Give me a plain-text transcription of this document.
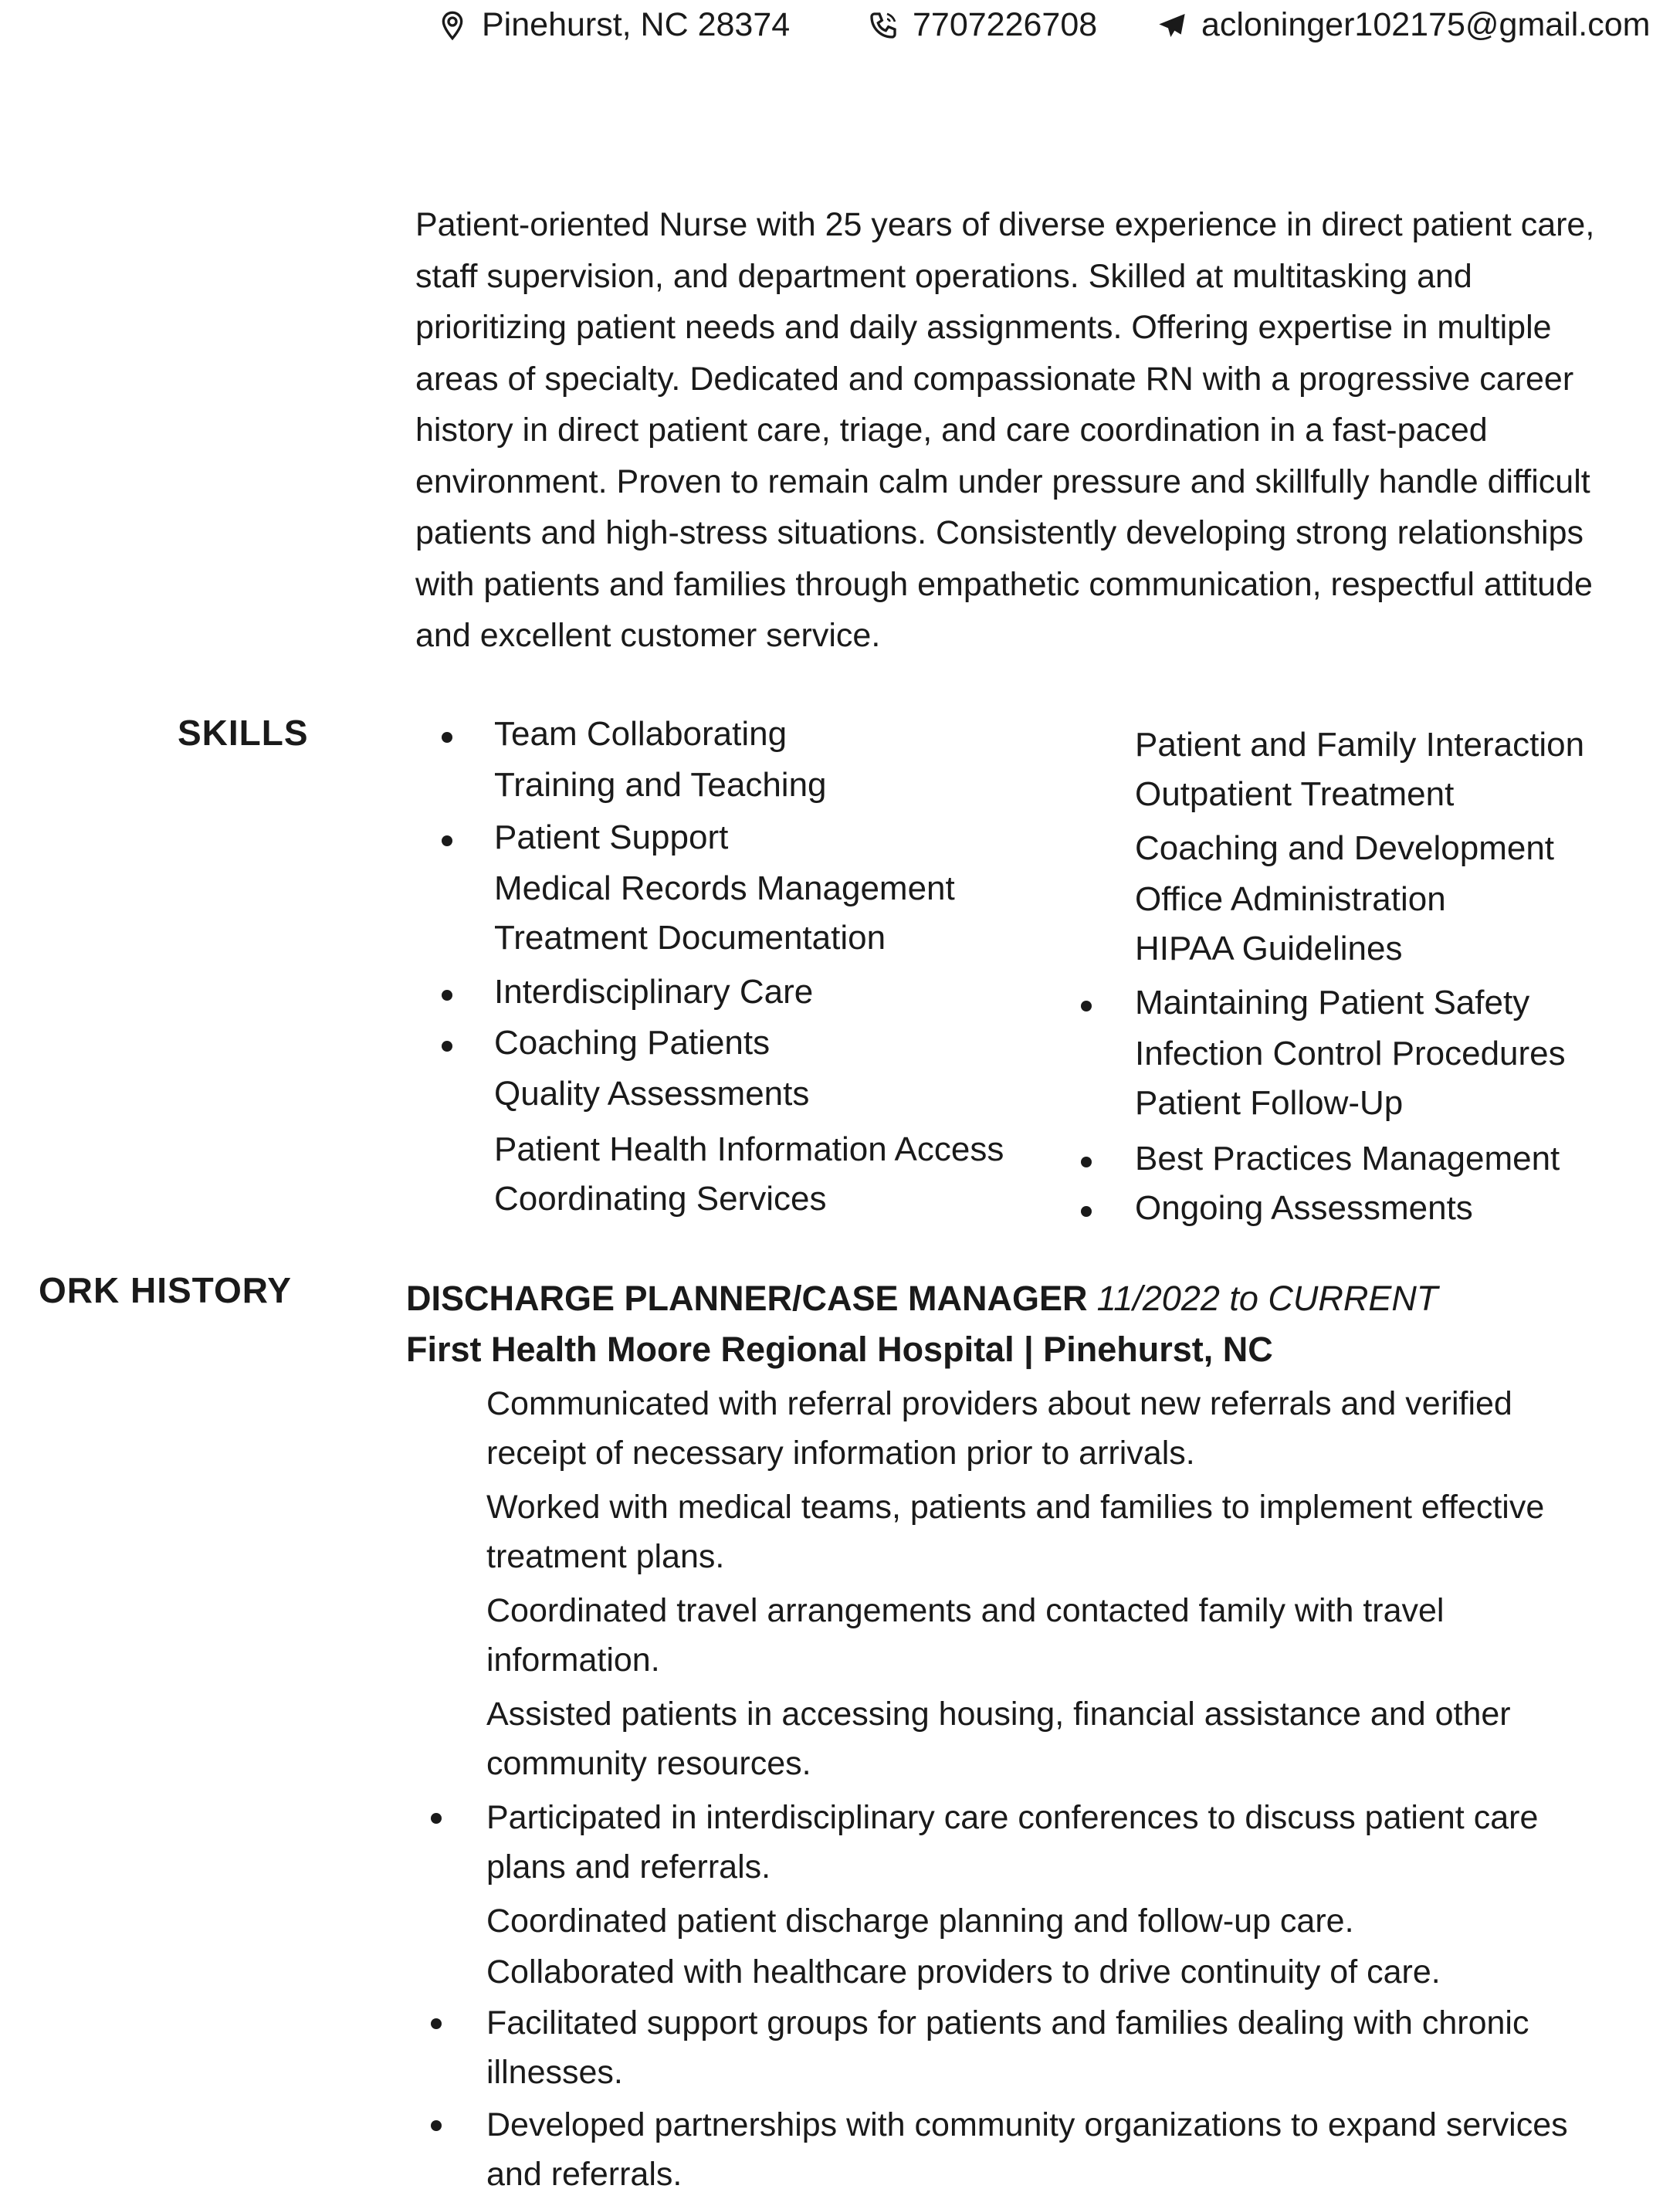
Pinehurst, NC 28374	7707226708	acloninger102175@gmail.com
Patient-oriented Nurse with 25 years of diverse experience in direct patient care,
staff supervision, and department operations. Skilled at multitasking and
prioritizing patient needs and daily assignments. Offering expertise in multiple
areas of specialty. Dedicated and compassionate RN with a progressive career
history in direct patient care, triage, and care coordination in a fast-paced
environment. Proven to remain calm under pressure and skillfully handle difficult
patients and high-stress situations. Consistently developing strong relationships
with patients and families through empathetic communication, respectful attitude
and excellent customer service.
SKILLS	Team Collaborating
Training and Teaching
Patient Support
Medical Records Management
Treatment Documentation
Interdisciplinary Care
Coaching Patients
Quality Assessments
Patient Health Information Access
Coordinating Services
Patient and Family Interaction
Outpatient Treatment
Coaching and Development
Office Administration
HIPAA Guidelines
Maintaining Patient Safety
Infection Control Procedures
Patient Follow-Up
Best Practices Management
Ongoing Assessments
ORK HISTORY	DISCHARGE PLANNER/CASE MANAGER 11/2022 to CURRENT
First Health Moore Regional Hospital | Pinehurst, NC
Communicated with referral providers about new referrals and verified
receipt of necessary information prior to arrivals.
Worked with medical teams, patients and families to implement effective
treatment plans.
Coordinated travel arrangements and contacted family with travel
information.
Assisted patients in accessing housing, financial assistance and other
community resources.
Participated in interdisciplinary care conferences to discuss patient care
plans and referrals.
Coordinated patient discharge planning and follow-up care.
Collaborated with healthcare providers to drive continuity of care.
Facilitated support groups for patients and families dealing with chronic
illnesses.
Developed partnerships with community organizations to expand services
and referrals.
